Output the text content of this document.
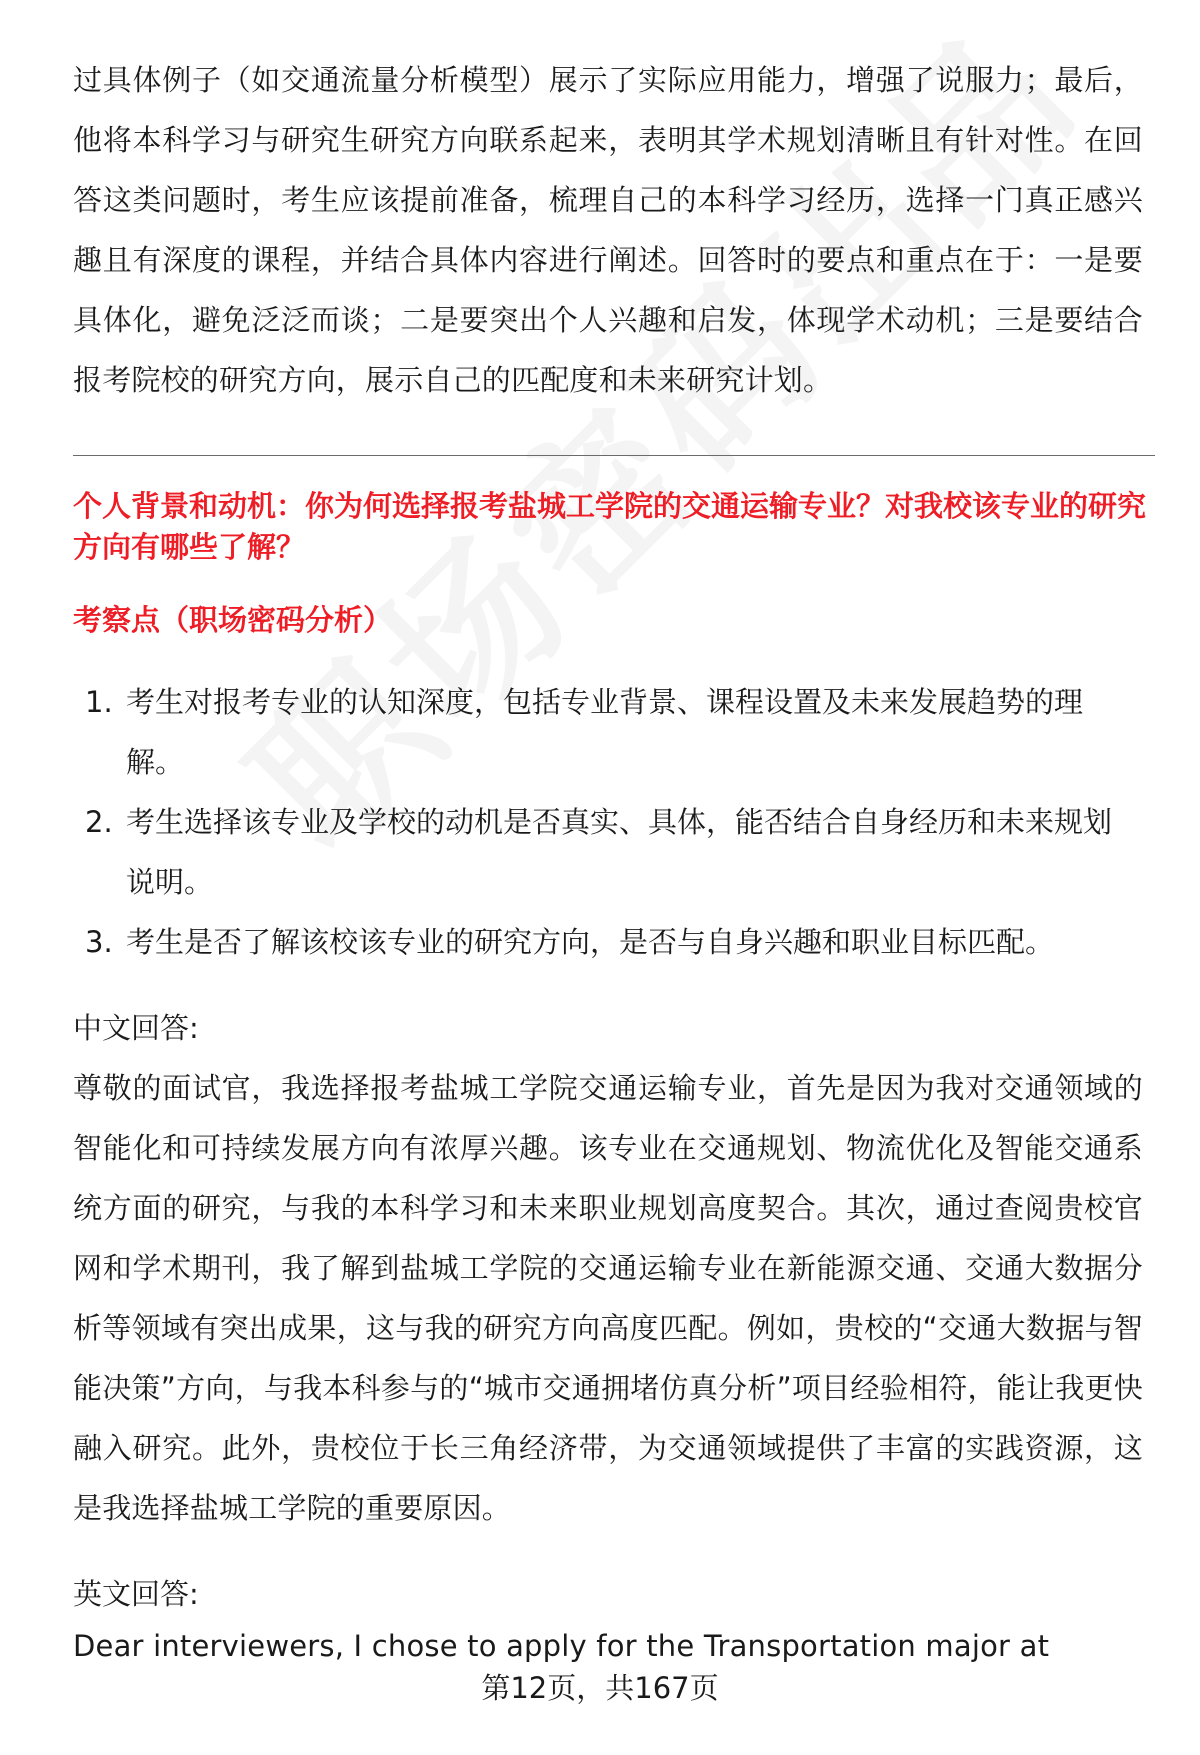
过具体例子（如交通流量分析模型）展示了实际应用能力，增强了说服力；最后，他将本科学习与研究生研究方向联系起来，表明其学术规划清晰且有针对性。在回答这类问题时，考生应该提前准备，梳理自己的本科学习经历，选择一门真正感兴趣且有深度的课程，并结合具体内容进行阐述。回答时的要点和重点在于：一是要具体化，避免泛泛而谈；二是要突出个人兴趣和启发，体现学术动机；三是要结合报考院校的研究方向，展示自己的匹配度和未来研究计划。

个人背景和动机：你为何选择报考盐城工学院的交通运输专业？对我校该专业的研究方向有哪些了解？

考察点（职场密码分析）

1. 考生对报考专业的认知深度，包括专业背景、课程设置及未来发展趋势的理解。
2. 考生选择该专业及学校的动机是否真实、具体，能否结合自身经历和未来规划说明。
3. 考生是否了解该校该专业的研究方向，是否与自身兴趣和职业目标匹配。

中文回答:

尊敬的面试官，我选择报考盐城工学院交通运输专业，首先是因为我对交通领域的智能化和可持续发展方向有浓厚兴趣。该专业在交通规划、物流优化及智能交通系统方面的研究，与我的本科学习和未来职业规划高度契合。其次，通过查阅贵校官网和学术期刊，我了解到盐城工学院的交通运输专业在新能源交通、交通大数据分析等领域有突出成果，这与我的研究方向高度匹配。例如，贵校的“交通大数据与智能决策”方向，与我本科参与的“城市交通拥堵仿真分析”项目经验相符，能让我更快融入研究。此外，贵校位于长三角经济带，为交通领域提供了丰富的实践资源，这是我选择盐城工学院的重要原因。

英文回答:

Dear interviewers, I chose to apply for the Transportation major at

第12页，共167页
